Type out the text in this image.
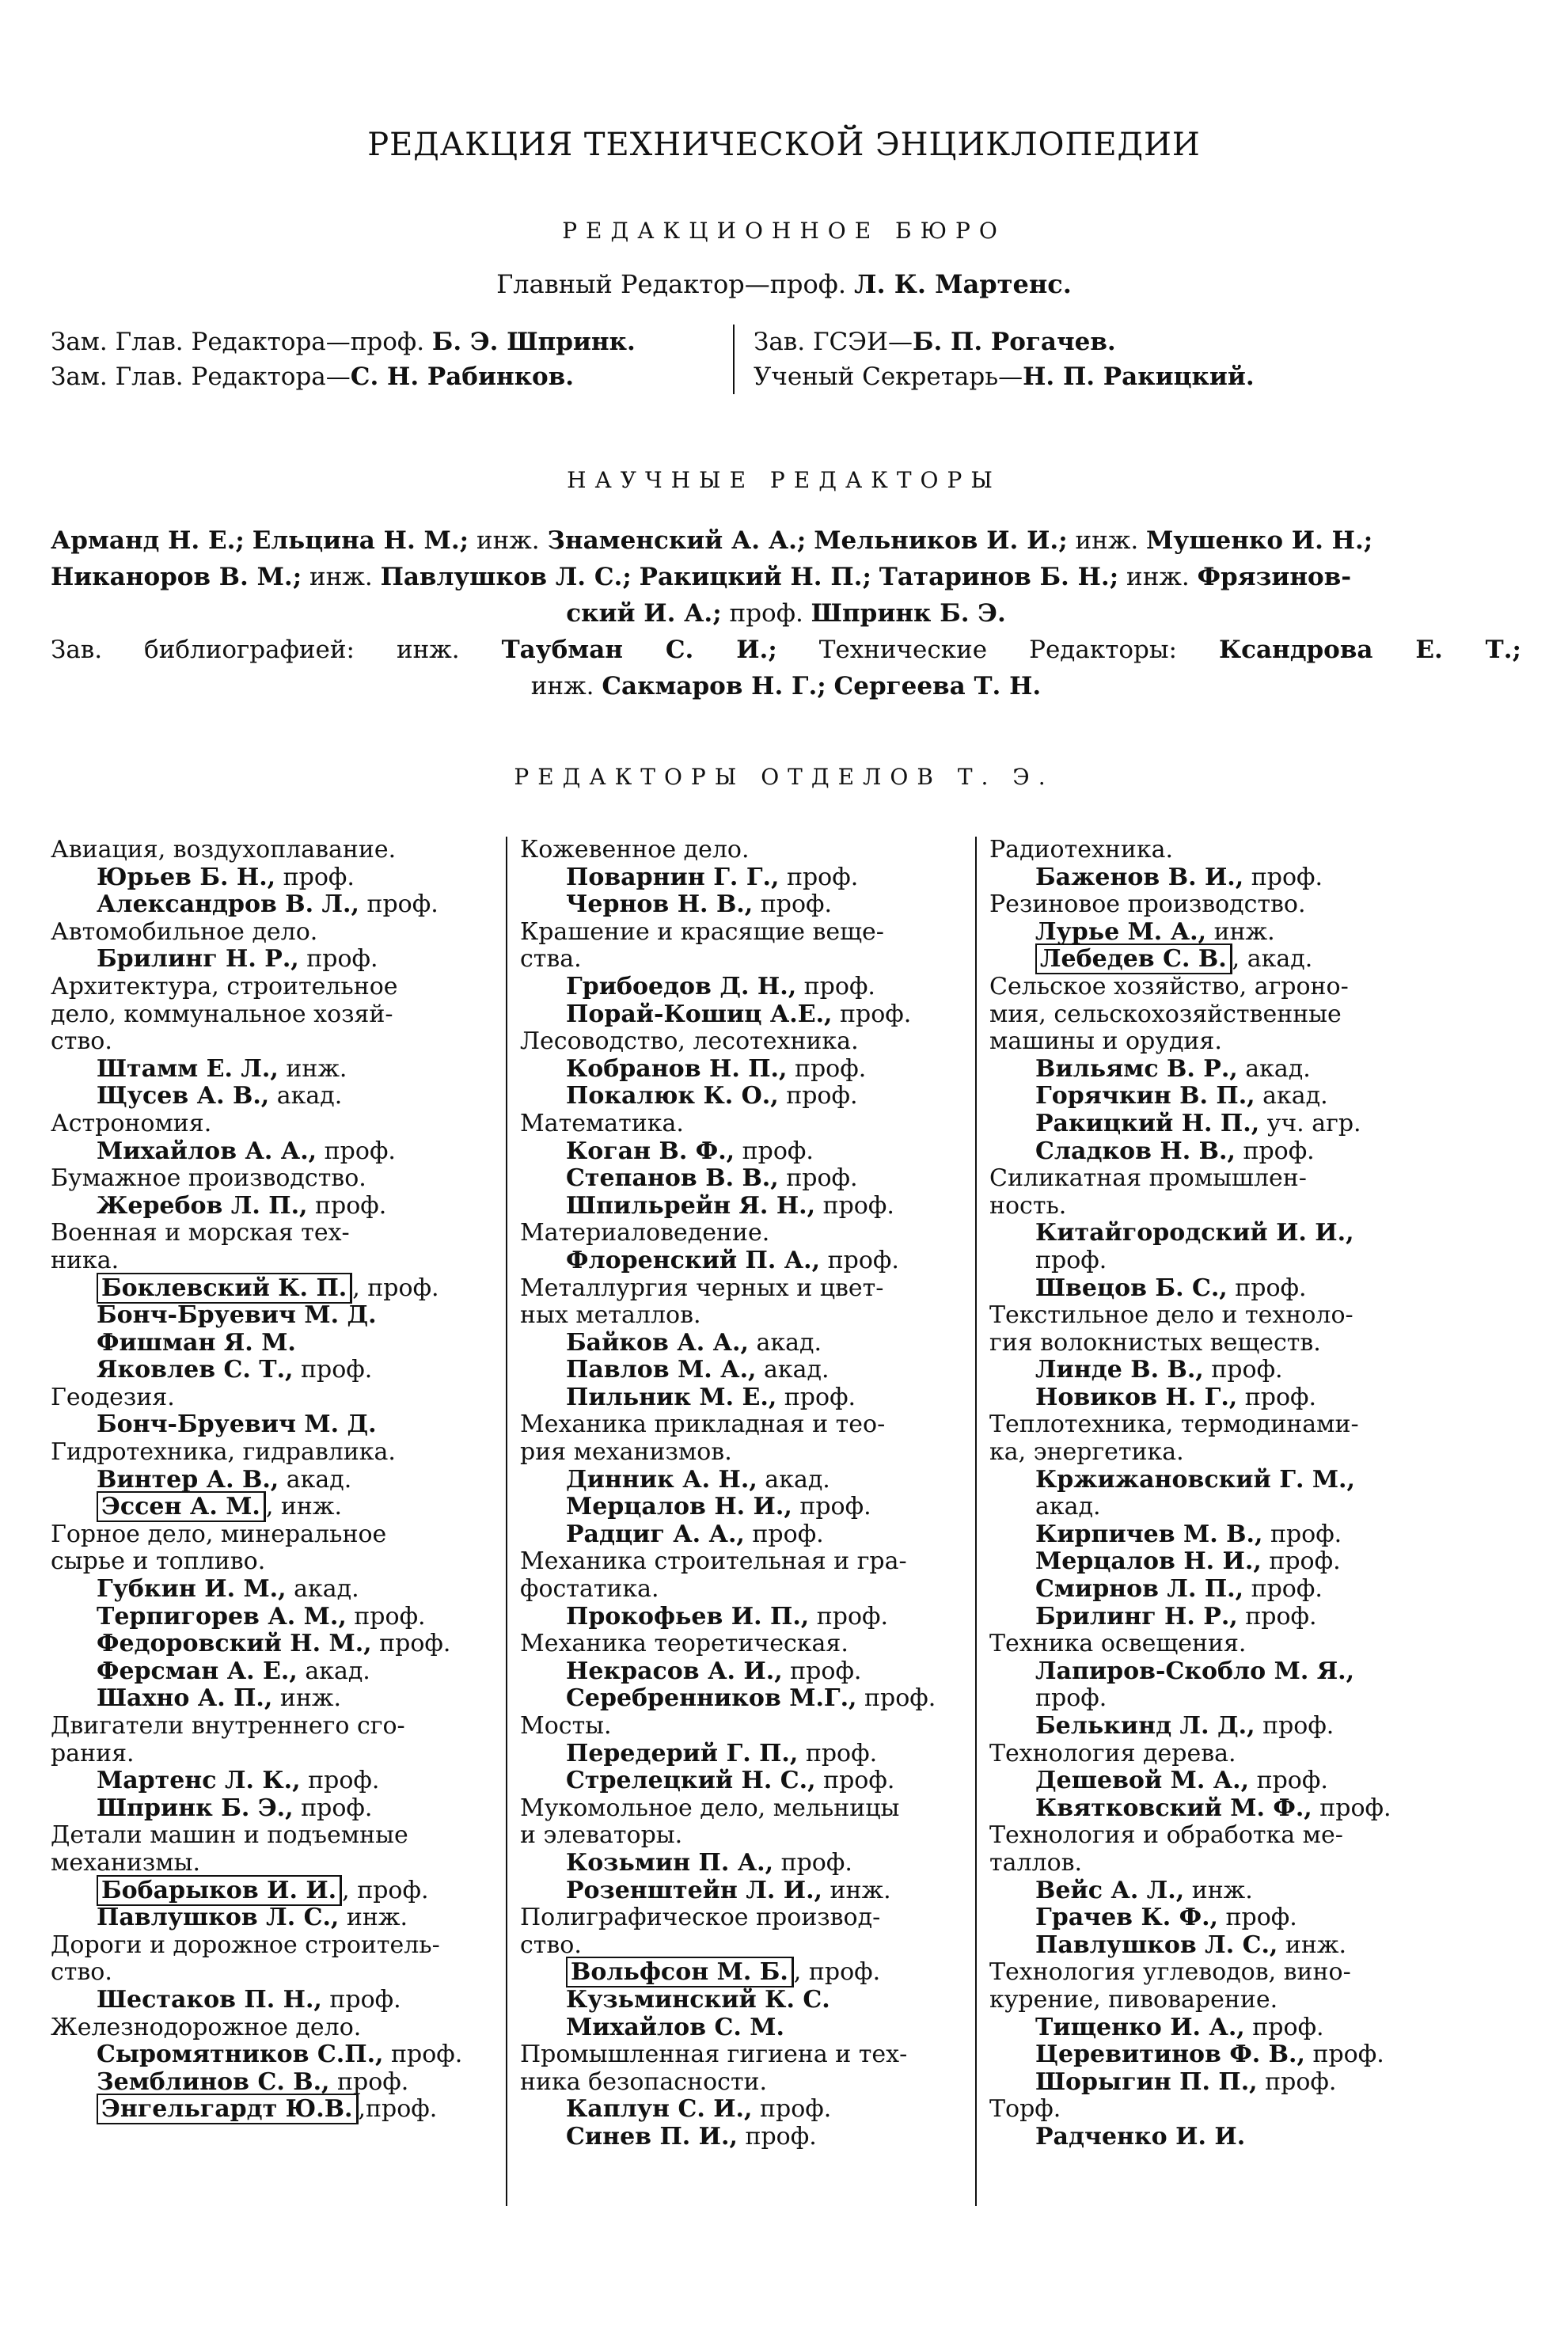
РЕДАКЦИЯ ТЕХНИЧЕСКОЙ ЭНЦИКЛОПЕДИИ
РЕДАКЦИОННОЕ БЮРО
Главный Редактор—проф. Л. К. Мартенс.
Зам. Глав. Редактора—проф. Б. Э. Шпринк.
Зам. Глав. Редактора—С. Н. Рабинков.
Зав. ГСЭИ—Б. П. Рогачев.
Ученый Секретарь—Н. П. Ракицкий.
НАУЧНЫЕ РЕДАКТОРЫ
Арманд Н. Е.; Ельцина Н. М.; инж. Знаменский А. А.; Мельников И. И.; инж. Мушенко И. Н.;
Никаноров В. М.; инж. Павлушков Л. С.; Ракицкий Н. П.; Татаринов Б. Н.; инж. Фрязинов-
ский И. А.; проф. Шпринк Б. Э.
Зав. библиографией: инж. Таубман С. И.; Технические Редакторы: Ксандрова Е. Т.;
инж. Сакмаров Н. Г.; Сергеева Т. Н.
РЕДАКТОРЫ ОТДЕЛОВ Т. Э.
Авиация, воздухоплавание.
Юрьев Б. Н., проф.
Александров В. Л., проф.
Автомобильное дело.
Брилинг Н. Р., проф.
Архитектура, строительное
дело, коммунальное хозяй-
ство.
Штамм Е. Л., инж.
Щусев А. В., акад.
Астрономия.
Михайлов А. А., проф.
Бумажное производство.
Жеребов Л. П., проф.
Военная и морская тех-
ника.
Боклевский К. П. , проф.
Бонч-Бруевич М. Д.
Фишман Я. М.
Яковлев С. Т., проф.
Геодезия.
Бонч-Бруевич М. Д.
Гидротехника, гидравлика.
Винтер А. В., акад.
Эссен А. М. , инж.
Горное дело, минеральное
сырье и топливо.
Губкин И. М., акад.
Терпигорев А. М., проф.
Федоровский Н. М., проф.
Ферсман А. Е., акад.
Шахно А. П., инж.
Двигатели внутреннего сго-
рания.
Мартенс Л. К., проф.
Шпринк Б. Э., проф.
Детали машин и подъемные
механизмы.
Бобарыков И. И. , проф.
Павлушков Л. С., инж.
Дороги и дорожное строитель-
ство.
Шестаков П. Н., проф.
Железнодорожное дело.
Сыромятников С.П., проф.
Земблинов С. В., проф.
Энгельгардт Ю.В. ,проф.
Кожевенное дело.
Поварнин Г. Г., проф.
Чернов Н. В., проф.
Крашение и красящие веще-
ства.
Грибоедов Д. Н., проф.
Порай-Кошиц А.Е., проф.
Лесоводство, лесотехника.
Кобранов Н. П., проф.
Покалюк К. О., проф.
Математика.
Коган В. Ф., проф.
Степанов В. В., проф.
Шпильрейн Я. Н., проф.
Материаловедение.
Флоренский П. А., проф.
Металлургия черных и цвет-
ных металлов.
Байков А. А., акад.
Павлов М. А., акад.
Пильник М. Е., проф.
Механика прикладная и тео-
рия механизмов.
Динник А. Н., акад.
Мерцалов Н. И., проф.
Радциг А. А., проф.
Механика строительная и гра-
фостатика.
Прокофьев И. П., проф.
Механика теоретическая.
Некрасов А. И., проф.
Серебренников М.Г., проф.
Мосты.
Передерий Г. П., проф.
Стрелецкий Н. С., проф.
Мукомольное дело, мельницы
и элеваторы.
Козьмин П. А., проф.
Розенштейн Л. И., инж.
Полиграфическое производ-
ство.
Вольфсон М. Б. , проф.
Кузьминский К. С.
Михайлов С. М.
Промышленная гигиена и тех-
ника безопасности.
Каплун С. И., проф.
Синев П. И., проф.
Радиотехника.
Баженов В. И., проф.
Резиновое производство.
Лурье М. А., инж.
Лебедев С. В. , акад.
Сельское хозяйство, агроно-
мия, сельскохозяйственные
машины и орудия.
Вильямс В. Р., акад.
Горячкин В. П., акад.
Ракицкий Н. П., уч. агр.
Сладков Н. В., проф.
Силикатная промышлен-
ность.
Китайгородский И. И.,
проф.
Швецов Б. С., проф.
Текстильное дело и техноло-
гия волокнистых веществ.
Линде В. В., проф.
Новиков Н. Г., проф.
Теплотехника, термодинами-
ка, энергетика.
Кржижановский Г. М.,
акад.
Кирпичев М. В., проф.
Мерцалов Н. И., проф.
Смирнов Л. П., проф.
Брилинг Н. Р., проф.
Техника освещения.
Лапиров-Скобло М. Я.,
проф.
Белькинд Л. Д., проф.
Технология дерева.
Дешевой М. А., проф.
Квятковский М. Ф., проф.
Технология и обработка ме-
таллов.
Вейс А. Л., инж.
Грачев К. Ф., проф.
Павлушков Л. С., инж.
Технология углеводов, вино-
курение, пивоварение.
Тищенко И. А., проф.
Церевитинов Ф. В., проф.
Шорыгин П. П., проф.
Торф.
Радченко И. И.
